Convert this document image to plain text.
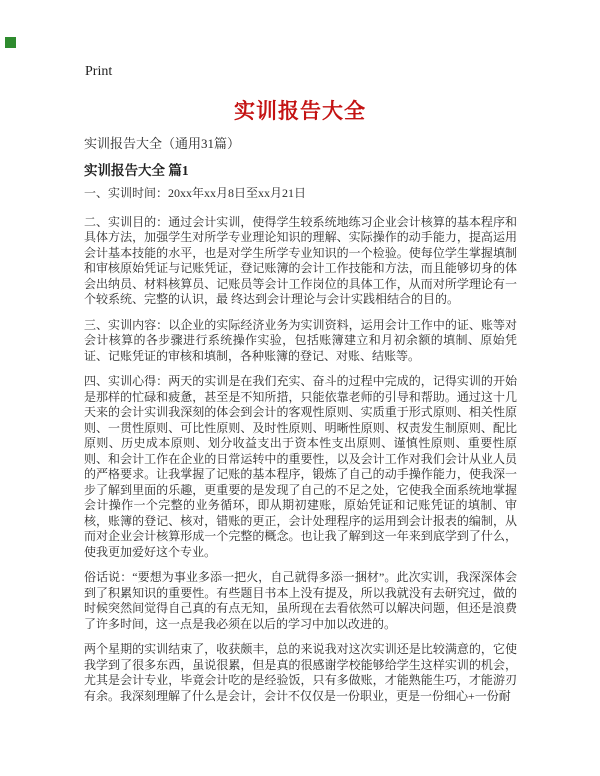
Print
实训报告大全
实训报告大全（通用31篇）
实训报告大全 篇1

一、实训时间：20xx年xx月8日至xx月21日

二、实训目的：通过会计实训，使得学生较系统地练习企业会计核算的基本程序和具体方法，加强学生对所学专业理论知识的理解、实际操作的动手能力，提高运用会计基本技能的水平，也是对学生所学专业知识的一个检验。使每位学生掌握填制和审核原始凭证与记账凭证，登记账簿的会计工作技能和方法，而且能够切身的体会出纳员、材料核算员、记账员等会计工作岗位的具体工作，从而对所学理论有一个较系统、完整的认识，最 终达到会计理论与会计实践相结合的目的。

三、实训内容：以企业的实际经济业务为实训资料，运用会计工作中的证、账等对会计核算的各步骤进行系统操作实验，包括账簿建立和月初余额的填制、原始凭证、记账凭证的审核和填制，各种账簿的登记、对账、结账等。

四、实训心得：两天的实训是在我们充实、奋斗的过程中完成的，记得实训的开始是那样的忙碌和疲惫，甚至是不知所措，只能依靠老师的引导和帮助。通过这十几天来的会计实训我深刻的体会到会计的客观性原则、实质重于形式原则、相关性原则、一贯性原则、可比性原则、及时性原则、明晰性原则、权责发生制原则、配比原则、历史成本原则、划分收益支出于资本性支出原则、谨慎性原则、重要性原则、和会计工作在企业的日常运转中的重要性，以及会计工作对我们会计从业人员的严格要求。让我掌握了记账的基本程序，锻炼了自己的动手操作能力，使我深一步了解到里面的乐趣，更重要的是发现了自己的不足之处，它使我全面系统地掌握会计操作一个完整的业务循环，即从期初建账，原始凭证和记账凭证的填制、审核，账簿的登记、核对，错账的更正，会计处理程序的运用到会计报表的编制，从而对企业会计核算形成一个完整的概念。也让我了解到这一年来到底学到了什么，使我更加爱好这个专业。

俗话说：“要想为事业多添一把火，自己就得多添一捆材”。此次实训，我深深体会到了积累知识的重要性。有些题目书本上没有提及，所以我就没有去研究过，做的时候突然间觉得自己真的有点无知，虽所现在去看依然可以解决问题，但还是浪费了许多时间，这一点是我必须在以后的学习中加以改进的。

两个星期的实训结束了，收获颇丰，总的来说我对这次实训还是比较满意的，它使我学到了很多东西，虽说很累，但是真的很感谢学校能够给学生这样实训的机会，尤其是会计专业，毕竟会计吃的是经验饭，只有多做账，才能熟能生巧，才能游刃有余。我深刻理解了什么是会计，会计不仅仅是一份职业，更是一份细心+一份耐
